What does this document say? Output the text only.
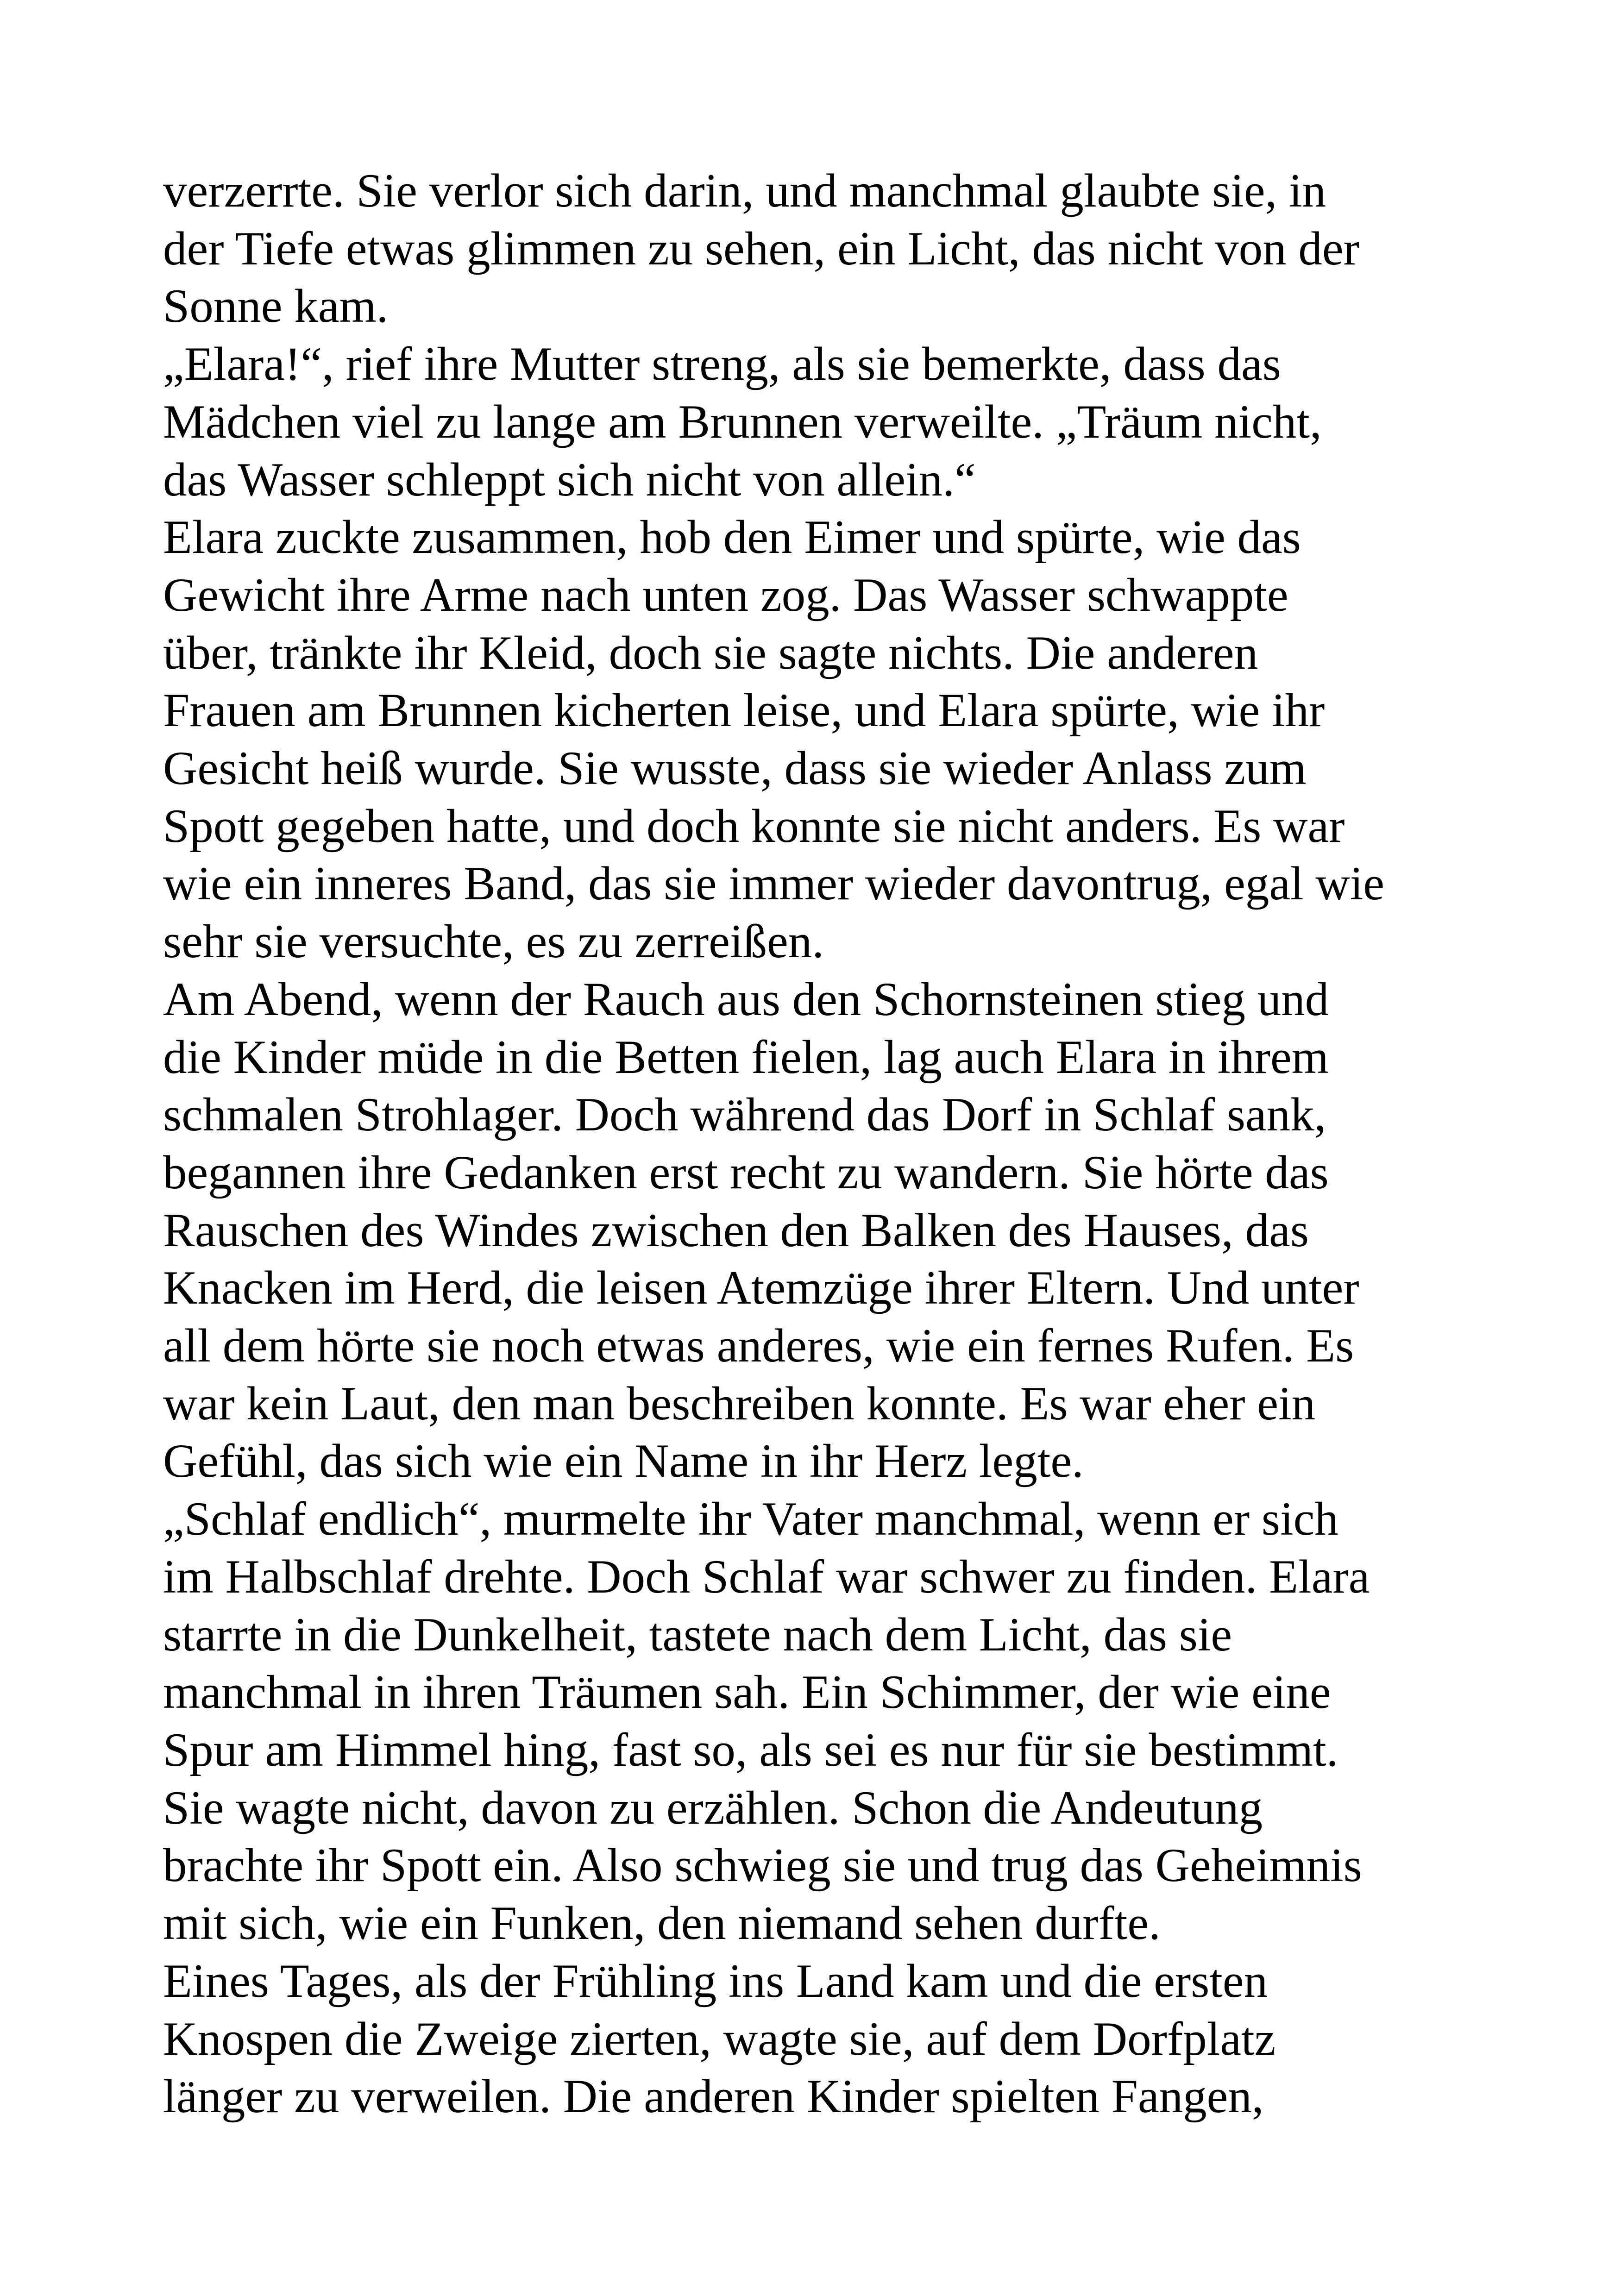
verzerrte. Sie verlor sich darin, und manchmal glaubte sie, in
der Tiefe etwas glimmen zu sehen, ein Licht, das nicht von der
Sonne kam.
„Elara!“, rief ihre Mutter streng, als sie bemerkte, dass das
Mädchen viel zu lange am Brunnen verweilte. „Träum nicht,
das Wasser schleppt sich nicht von allein.“
Elara zuckte zusammen, hob den Eimer und spürte, wie das
Gewicht ihre Arme nach unten zog. Das Wasser schwappte
über, tränkte ihr Kleid, doch sie sagte nichts. Die anderen
Frauen am Brunnen kicherten leise, und Elara spürte, wie ihr
Gesicht heiß wurde. Sie wusste, dass sie wieder Anlass zum
Spott gegeben hatte, und doch konnte sie nicht anders. Es war
wie ein inneres Band, das sie immer wieder davontrug, egal wie
sehr sie versuchte, es zu zerreißen.
Am Abend, wenn der Rauch aus den Schornsteinen stieg und
die Kinder müde in die Betten fielen, lag auch Elara in ihrem
schmalen Strohlager. Doch während das Dorf in Schlaf sank,
begannen ihre Gedanken erst recht zu wandern. Sie hörte das
Rauschen des Windes zwischen den Balken des Hauses, das
Knacken im Herd, die leisen Atemzüge ihrer Eltern. Und unter
all dem hörte sie noch etwas anderes, wie ein fernes Rufen. Es
war kein Laut, den man beschreiben konnte. Es war eher ein
Gefühl, das sich wie ein Name in ihr Herz legte.
„Schlaf endlich“, murmelte ihr Vater manchmal, wenn er sich
im Halbschlaf drehte. Doch Schlaf war schwer zu finden. Elara
starrte in die Dunkelheit, tastete nach dem Licht, das sie
manchmal in ihren Träumen sah. Ein Schimmer, der wie eine
Spur am Himmel hing, fast so, als sei es nur für sie bestimmt.
Sie wagte nicht, davon zu erzählen. Schon die Andeutung
brachte ihr Spott ein. Also schwieg sie und trug das Geheimnis
mit sich, wie ein Funken, den niemand sehen durfte.
Eines Tages, als der Frühling ins Land kam und die ersten
Knospen die Zweige zierten, wagte sie, auf dem Dorfplatz
länger zu verweilen. Die anderen Kinder spielten Fangen,
